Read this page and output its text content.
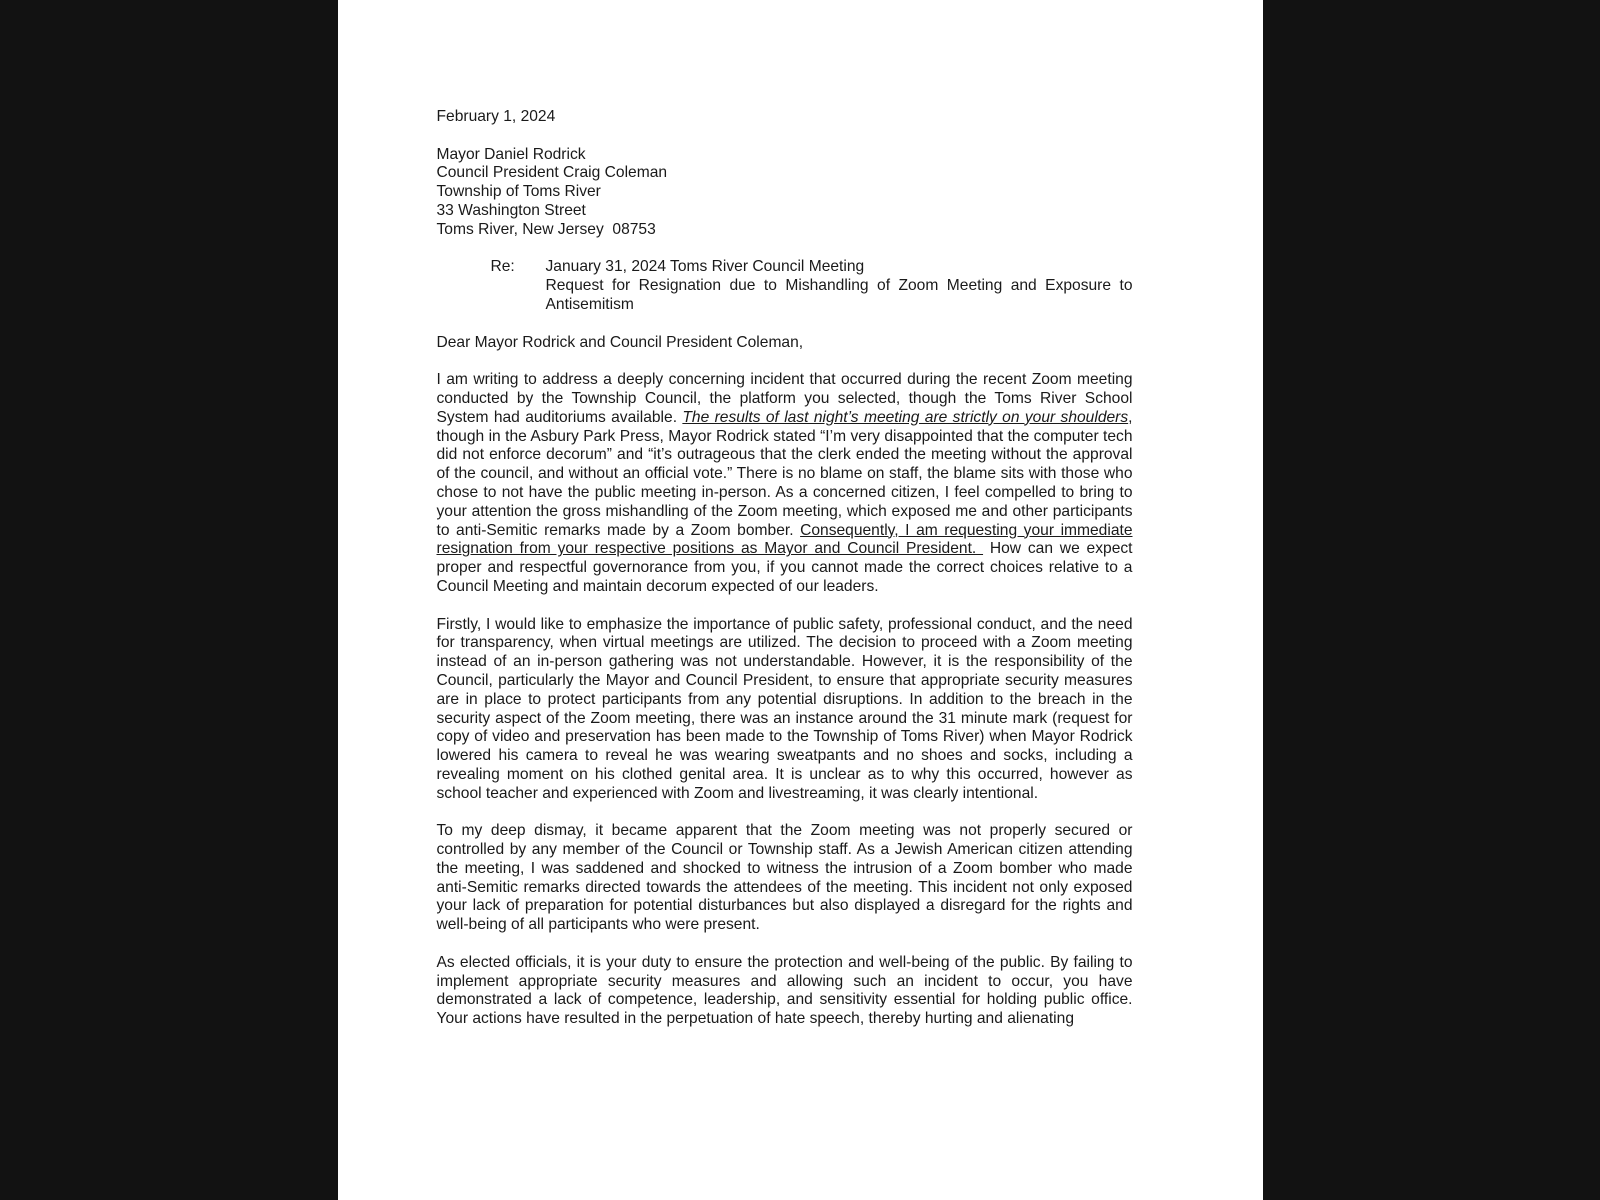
February 1, 2024
Mayor Daniel Rodrick
Council President Craig Coleman
Township of Toms River
33 Washington Street
Toms River, New Jersey  08753
Re:	January 31, 2024 Toms River Council Meeting
Request for Resignation due to Mishandling of Zoom Meeting and Exposure to Antisemitism
Dear Mayor Rodrick and Council President Coleman,

I am writing to address a deeply concerning incident that occurred during the recent Zoom meeting conducted by the Township Council, the platform you selected, though the Toms River School System had auditoriums available. The results of last night’s meeting are strictly on your shoulders, though in the Asbury Park Press, Mayor Rodrick stated “I’m very disappointed that the computer tech did not enforce decorum” and “it’s outrageous that the clerk ended the meeting without the approval of the council, and without an official vote.” There is no blame on staff, the blame sits with those who chose to not have the public meeting in-person. As a concerned citizen, I feel compelled to bring to your attention the gross mishandling of the Zoom meeting, which exposed me and other participants to anti-Semitic remarks made by a Zoom bomber. Consequently, I am requesting your immediate resignation from your respective positions as Mayor and Council President.  How can we expect proper and respectful governorance from you, if you cannot made the correct choices relative to a Council Meeting and maintain decorum expected of our leaders.

Firstly, I would like to emphasize the importance of public safety, professional conduct, and the need for transparency, when virtual meetings are utilized. The decision to proceed with a Zoom meeting instead of an in-person gathering was not understandable. However, it is the responsibility of the Council, particularly the Mayor and Council President, to ensure that appropriate security measures are in place to protect participants from any potential disruptions. In addition to the breach in the security aspect of the Zoom meeting, there was an instance around the 31 minute mark (request for copy of video and preservation has been made to the Township of Toms River) when Mayor Rodrick lowered his camera to reveal he was wearing sweatpants and no shoes and socks, including a revealing moment on his clothed genital area. It is unclear as to why this occurred, however as school teacher and experienced with Zoom and livestreaming, it was clearly intentional.

To my deep dismay, it became apparent that the Zoom meeting was not properly secured or controlled by any member of the Council or Township staff. As a Jewish American citizen attending the meeting, I was saddened and shocked to witness the intrusion of a Zoom bomber who made anti-Semitic remarks directed towards the attendees of the meeting. This incident not only exposed your lack of preparation for potential disturbances but also displayed a disregard for the rights and well-being of all participants who were present.

As elected officials, it is your duty to ensure the protection and well-being of the public. By failing to implement appropriate security measures and allowing such an incident to occur, you have demonstrated a lack of competence, leadership, and sensitivity essential for holding public office. Your actions have resulted in the perpetuation of hate speech, thereby hurting and alienating
